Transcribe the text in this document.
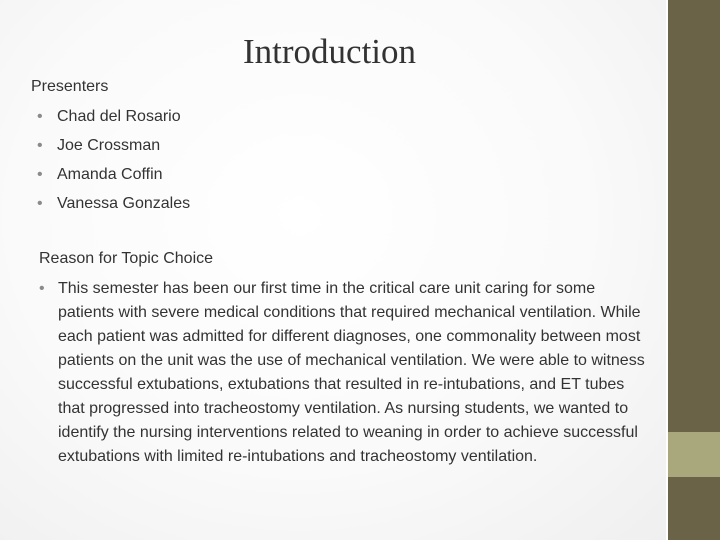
Introduction
Presenters
• Chad del Rosario
• Joe Crossman
• Amanda Coffin
• Vanessa Gonzales
Reason for Topic Choice
• This semester has been our first time in the critical care unit caring for some patients with severe medical conditions that required mechanical ventilation. While each patient was admitted for different diagnoses, one commonality between most patients on the unit was the use of mechanical ventilation. We were able to witness successful extubations, extubations that resulted in re-intubations, and ET tubes that progressed into tracheostomy ventilation. As nursing students, we wanted to identify the nursing interventions related to weaning in order to achieve successful extubations with limited re-intubations and tracheostomy ventilation.
